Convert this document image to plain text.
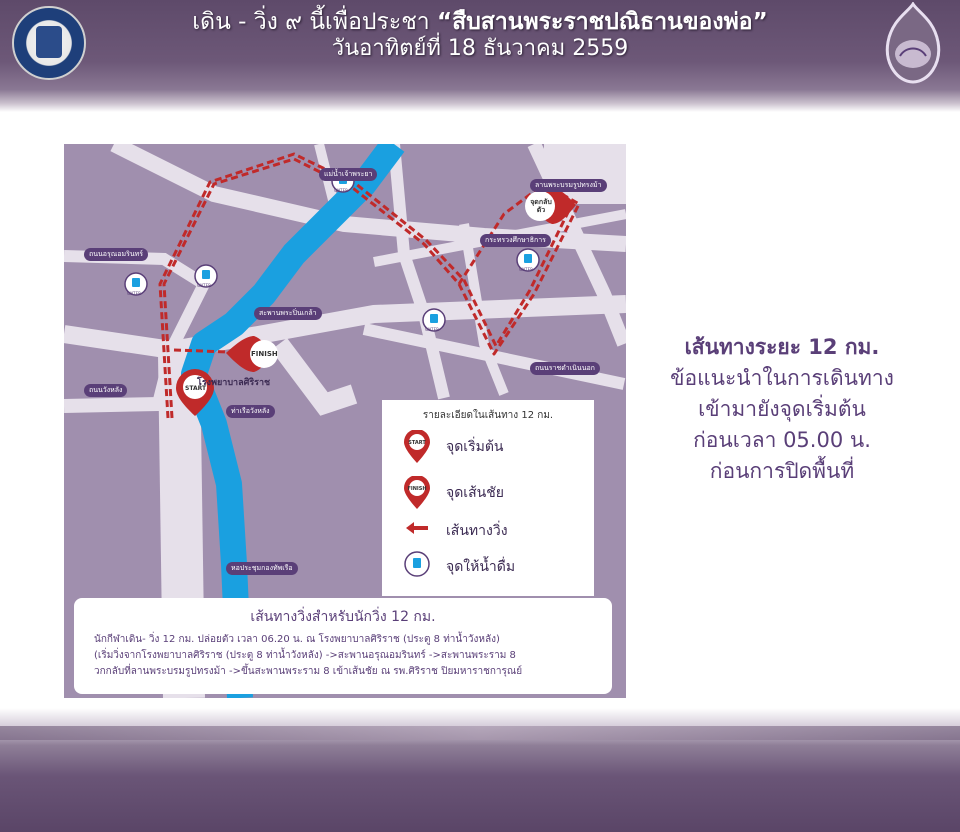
เดิน - วิ่ง ๙ นี้เพื่อประชา “สืบสานพระราชปณิธานของพ่อ”
วันอาทิตย์ที่ 18 ธันวาคม 2559
แม่น้ำเจ้าพระยา
ถนนอรุณอมรินทร์
สะพานพระปิ่นเกล้า
ถนนวังหลัง
ท่าเรือวังหลัง
หอประชุมกองทัพเรือ
ลานพระบรมรูปทรงม้า
กระทรวงศึกษาธิการ
ถนนราชดำเนินนอก
โรงพยาบาลศิริราช
START
FINISH
จุดกลับตัว
WATER
WATER
WATER
WATER
WATER
รายละเอียดในเส้นทาง 12 กม.
START จุดเริ่มต้น
FINISH จุดเส้นชัย
เส้นทางวิ่ง
จุดให้น้ำดื่ม
เส้นทางวิ่งสำหรับนักวิ่ง 12 กม.
นักกีฬาเดิน- วิ่ง 12 กม. ปล่อยตัว เวลา 06.20 น. ณ โรงพยาบาลศิริราช (ประตู 8 ท่าน้ำวังหลัง)
(เริ่มวิ่งจากโรงพยาบาลศิริราช (ประตู 8 ท่าน้ำวังหลัง) ->สะพานอรุณอมรินทร์ ->สะพานพระราม 8
วกกลับที่ลานพระบรมรูปทรงม้า ->ขึ้นสะพานพระราม 8 เข้าเส้นชัย ณ รพ.ศิริราช ปิยมหาราชการุณย์
เส้นทางระยะ 12 กม.
ข้อแนะนำในการเดินทาง
เข้ามายังจุดเริ่มต้น
ก่อนเวลา 05.00 น.
ก่อนการปิดพื้นที่
